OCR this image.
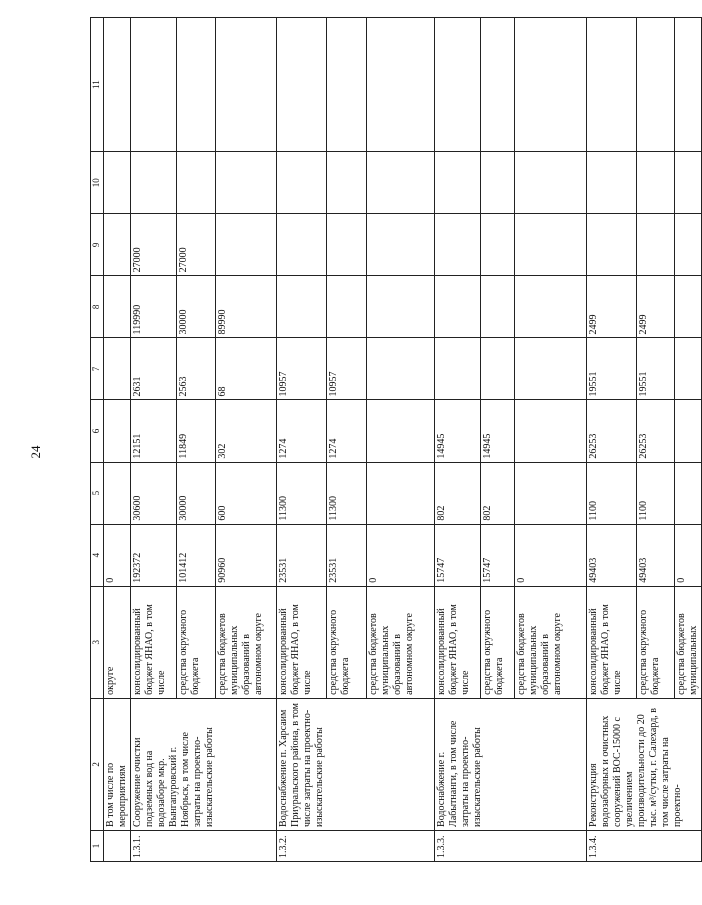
24
1	2	3	4	5	6	7	8	9	10	11
	В том числе по мероприятиям	округе	0							
1.3.1.	Сооружение очистки подземных вод на водозаборе мкр. Вынгапуровский г. Ноябрьск, в том числе затраты на проектно-изыскательские работы	консолидированный бюджет ЯНАО, в том числе	192372	30600	12151	2631	119990	27000		
		средства окружного бюджета	101412	30000	11849	2563	30000	27000		
		средства бюджетов муниципальных образований в автономном округе	90960	600	302	68	89990			
1.3.2.	Водоснабжение п. Харсаим Приуральского района, в том числе затраты на проектно-изыскательские работы	консолидированный бюджет ЯНАО, в том числе	23531	11300	1274	10957				
		средства окружного бюджета	23531	11300	1274	10957				
		средства бюджетов муниципальных образований в автономном округе	0							
1.3.3.	Водоснабжение г. Лабытнанги, в том числе затраты на проектно-изыскательские работы	консолидированный бюджет ЯНАО, в том числе	15747	802	14945					
		средства окружного бюджета	15747	802	14945					
		средства бюджетов муниципальных образований в автономном округе	0							
1.3.4.	Реконструкция водозаборных и очистных сооружений ВОС-15000 с увеличением производительности до 20 тыс. м³/сутки, г. Салехард, в том числе затраты на проектно-	консолидированный бюджет ЯНАО, в том числе	49403	1100	26253	19551	2499			
		средства окружного бюджета	49403	1100	26253	19551	2499			
		средства бюджетов муниципальных	0							
